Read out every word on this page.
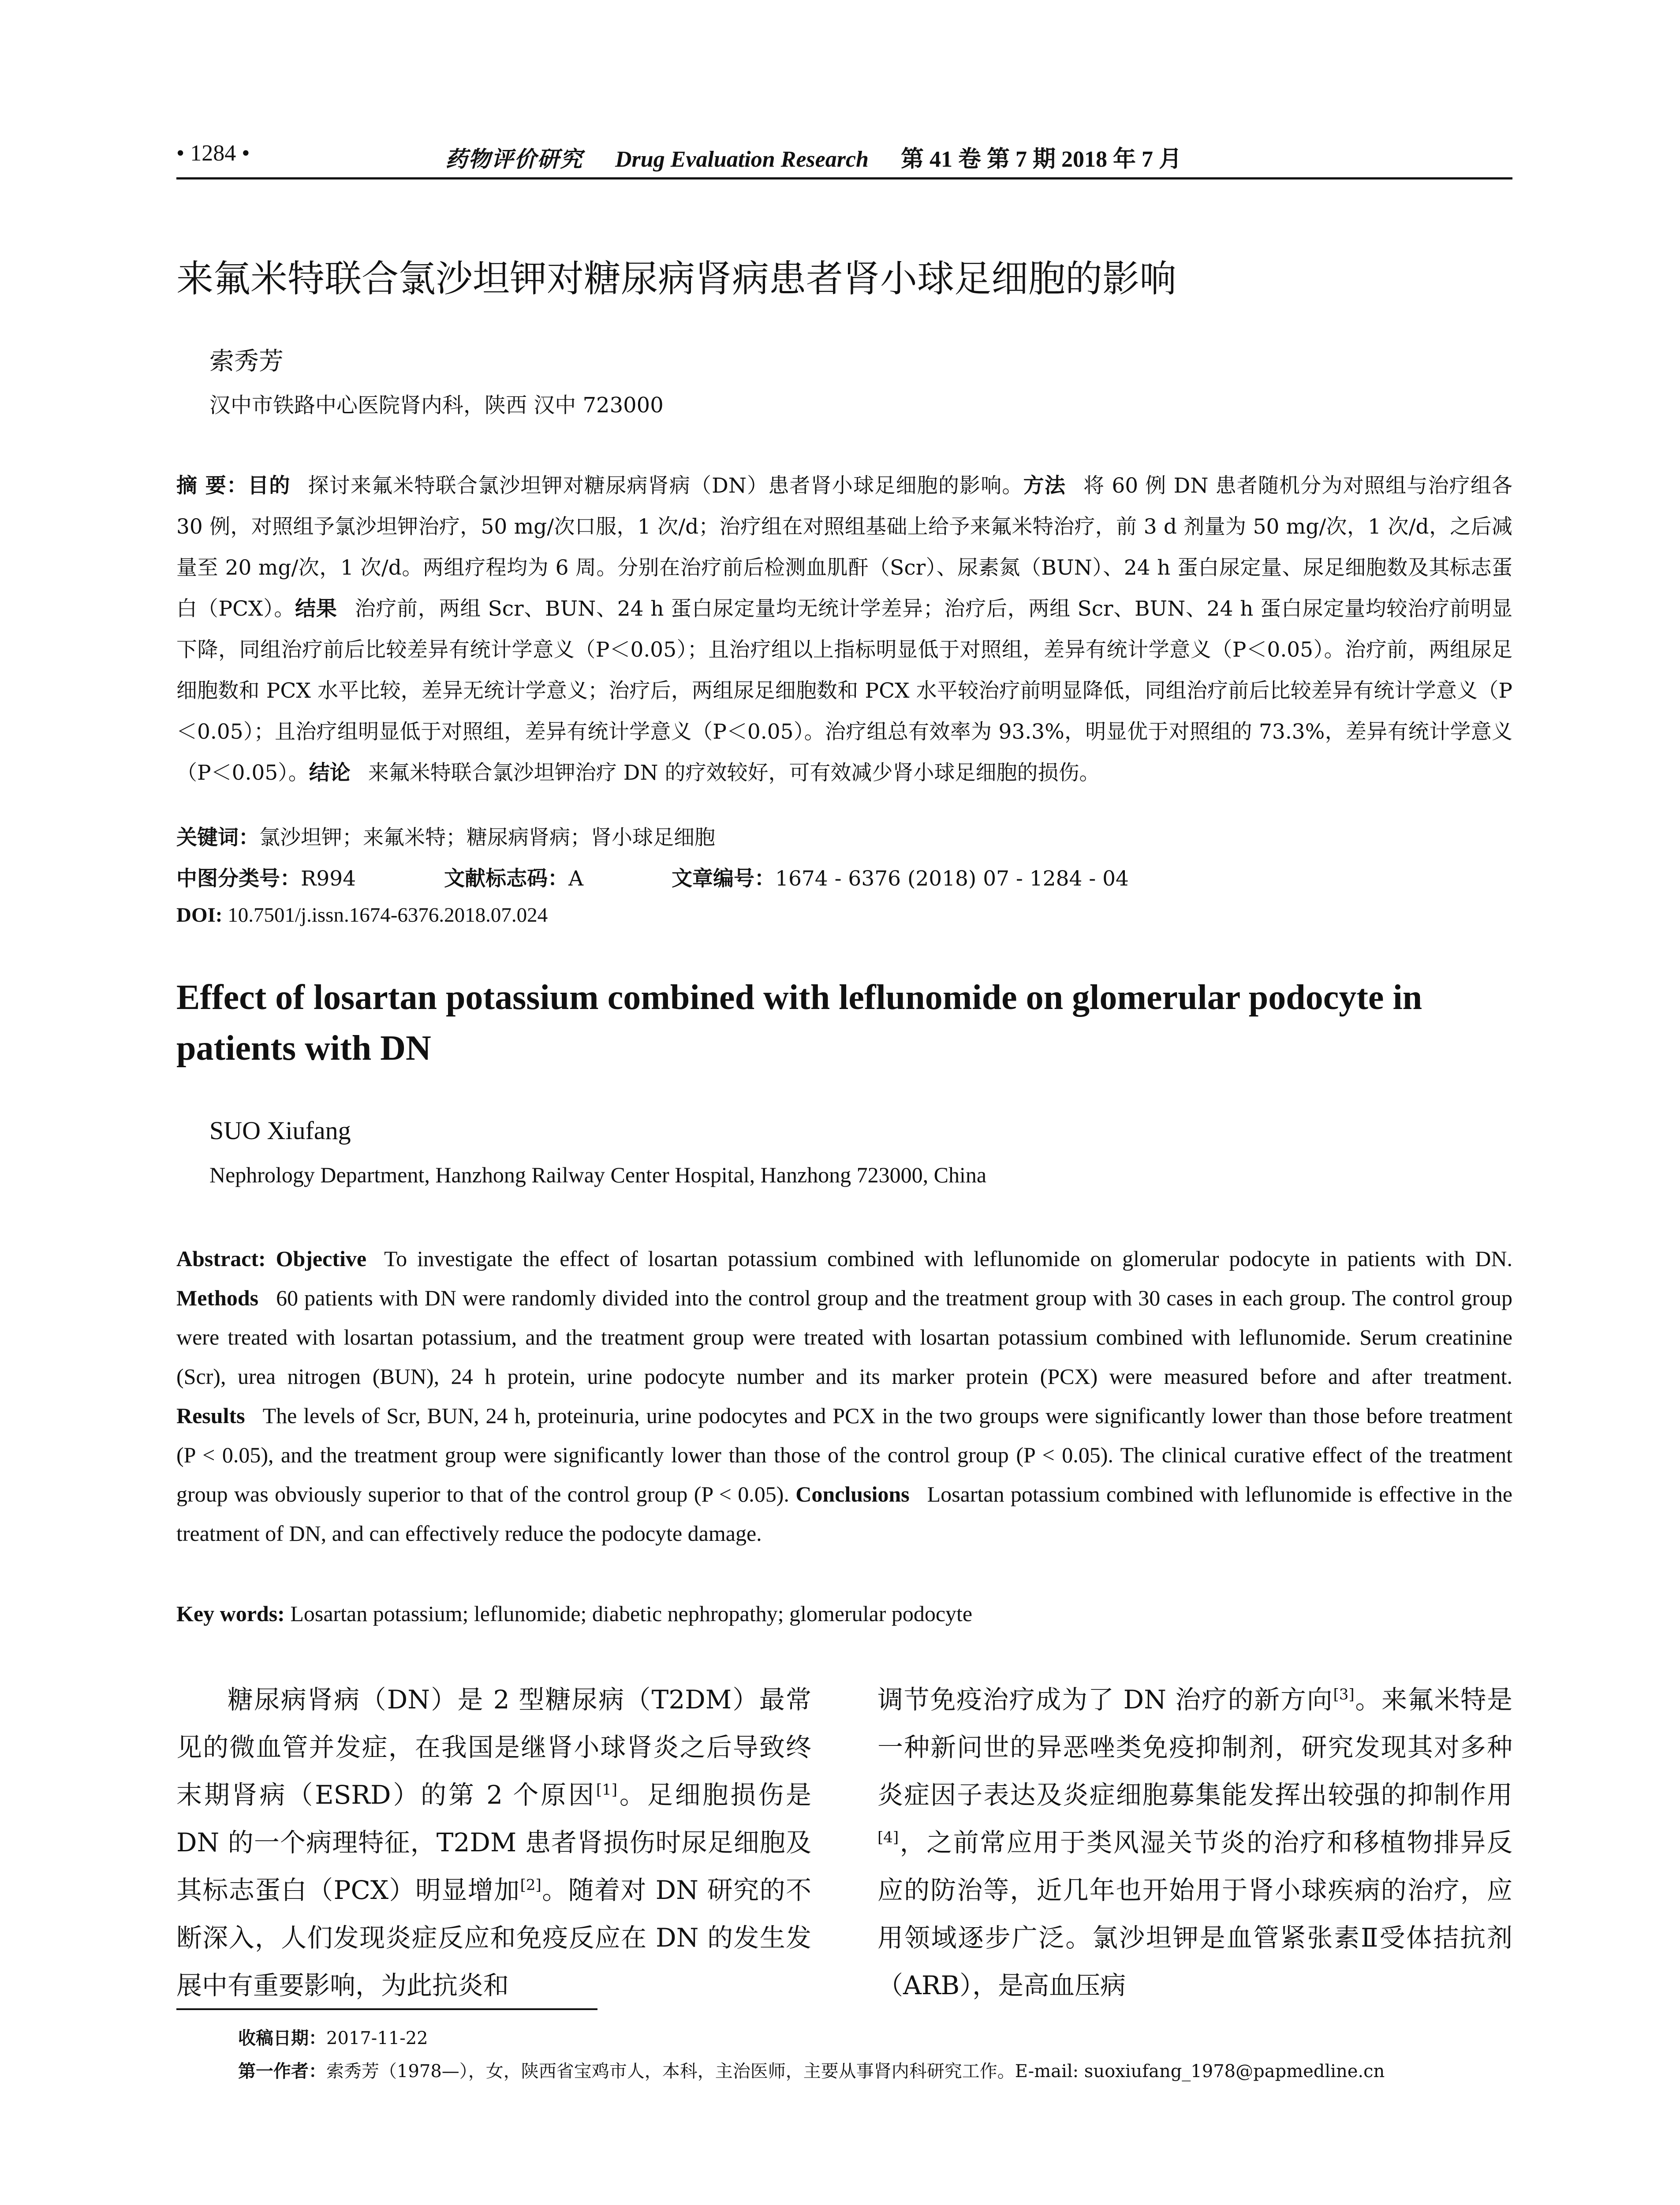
• 1284 •	药物评价研究 Drug Evaluation Research 第 41 卷 第 7 期 2018 年 7 月
来氟米特联合氯沙坦钾对糖尿病肾病患者肾小球足细胞的影响
索秀芳
汉中市铁路中心医院肾内科，陕西 汉中 723000
摘 要：目的 探讨来氟米特联合氯沙坦钾对糖尿病肾病（DN）患者肾小球足细胞的影响。方法 将 60 例 DN 患者随机分为对照组与治疗组各 30 例，对照组予氯沙坦钾治疗，50 mg/次口服，1 次/d；治疗组在对照组基础上给予来氟米特治疗，前 3 d 剂量为 50 mg/次，1 次/d，之后减量至 20 mg/次，1 次/d。两组疗程均为 6 周。分别在治疗前后检测血肌酐（Scr）、尿素氮（BUN）、24 h 蛋白尿定量、尿足细胞数及其标志蛋白（PCX）。结果 治疗前，两组 Scr、BUN、24 h 蛋白尿定量均无统计学差异；治疗后，两组 Scr、BUN、24 h 蛋白尿定量均较治疗前明显下降，同组治疗前后比较差异有统计学意义（P＜0.05）；且治疗组以上指标明显低于对照组，差异有统计学意义（P＜0.05）。治疗前，两组尿足细胞数和 PCX 水平比较，差异无统计学意义；治疗后，两组尿足细胞数和 PCX 水平较治疗前明显降低，同组治疗前后比较差异有统计学意义（P＜0.05）；且治疗组明显低于对照组，差异有统计学意义（P＜0.05）。治疗组总有效率为 93.3%，明显优于对照组的 73.3%，差异有统计学意义（P＜0.05）。结论 来氟米特联合氯沙坦钾治疗 DN 的疗效较好，可有效减少肾小球足细胞的损伤。
关键词：氯沙坦钾；来氟米特；糖尿病肾病；肾小球足细胞
中图分类号：R994	文献标志码：A	文章编号：1674 - 6376 (2018) 07 - 1284 - 04
DOI: 10.7501/j.issn.1674-6376.2018.07.024
Effect of losartan potassium combined with leflunomide on glomerular podocyte in patients with DN
SUO Xiufang
Nephrology Department, Hanzhong Railway Center Hospital, Hanzhong 723000, China
Abstract: Objective To investigate the effect of losartan potassium combined with leflunomide on glomerular podocyte in patients with DN. Methods 60 patients with DN were randomly divided into the control group and the treatment group with 30 cases in each group. The control group were treated with losartan potassium, and the treatment group were treated with losartan potassium combined with leflunomide. Serum creatinine (Scr), urea nitrogen (BUN), 24 h protein, urine podocyte number and its marker protein (PCX) were measured before and after treatment. Results The levels of Scr, BUN, 24 h, proteinuria, urine podocytes and PCX in the two groups were significantly lower than those before treatment (P < 0.05), and the treatment group were significantly lower than those of the control group (P < 0.05). The clinical curative effect of the treatment group was obviously superior to that of the control group (P < 0.05). Conclusions Losartan potassium combined with leflunomide is effective in the treatment of DN, and can effectively reduce the podocyte damage.
Key words: Losartan potassium; leflunomide; diabetic nephropathy; glomerular podocyte
糖尿病肾病（DN）是 2 型糖尿病（T2DM）最常见的微血管并发症，在我国是继肾小球肾炎之后导致终末期肾病（ESRD）的第 2 个原因[1]。足细胞损伤是 DN 的一个病理特征，T2DM 患者肾损伤时尿足细胞及其标志蛋白（PCX）明显增加[2]。随着对 DN 研究的不断深入，人们发现炎症反应和免疫反应在 DN 的发生发展中有重要影响，为此抗炎和
调节免疫治疗成为了 DN 治疗的新方向[3]。来氟米特是一种新问世的异恶唑类免疫抑制剂，研究发现其对多种炎症因子表达及炎症细胞募集能发挥出较强的抑制作用[4]，之前常应用于类风湿关节炎的治疗和移植物排异反应的防治等，近几年也开始用于肾小球疾病的治疗，应用领域逐步广泛。氯沙坦钾是血管紧张素Ⅱ受体拮抗剂（ARB），是高血压病
收稿日期：2017-11-22
第一作者：索秀芳（1978—），女，陕西省宝鸡市人，本科，主治医师，主要从事肾内科研究工作。E-mail: suoxiufang_1978@papmedline.cn
